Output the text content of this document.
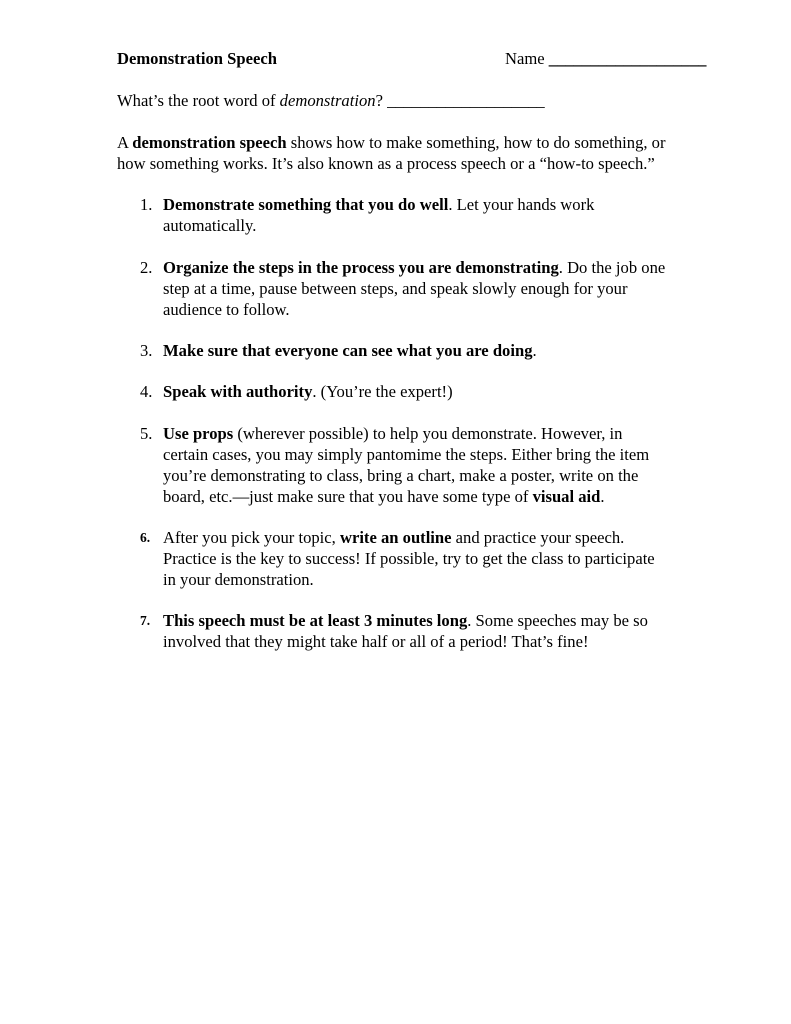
Demonstration Speech	Name ___________________
What’s the root word of demonstration? ___________________
A demonstration speech shows how to make something, how to do something, or
how something works. It’s also known as a process speech or a “how-to speech.”
1. Demonstrate something that you do well. Let your hands work
automatically.
2. Organize the steps in the process you are demonstrating. Do the job one
step at a time, pause between steps, and speak slowly enough for your
audience to follow.
3. Make sure that everyone can see what you are doing.
4. Speak with authority. (You’re the expert!)
5. Use props (wherever possible) to help you demonstrate. However, in
certain cases, you may simply pantomime the steps. Either bring the item
you’re demonstrating to class, bring a chart, make a poster, write on the
board, etc.—just make sure that you have some type of visual aid.
6. After you pick your topic, write an outline and practice your speech.
Practice is the key to success! If possible, try to get the class to participate
in your demonstration.
7. This speech must be at least 3 minutes long. Some speeches may be so
involved that they might take half or all of a period! That’s fine!
